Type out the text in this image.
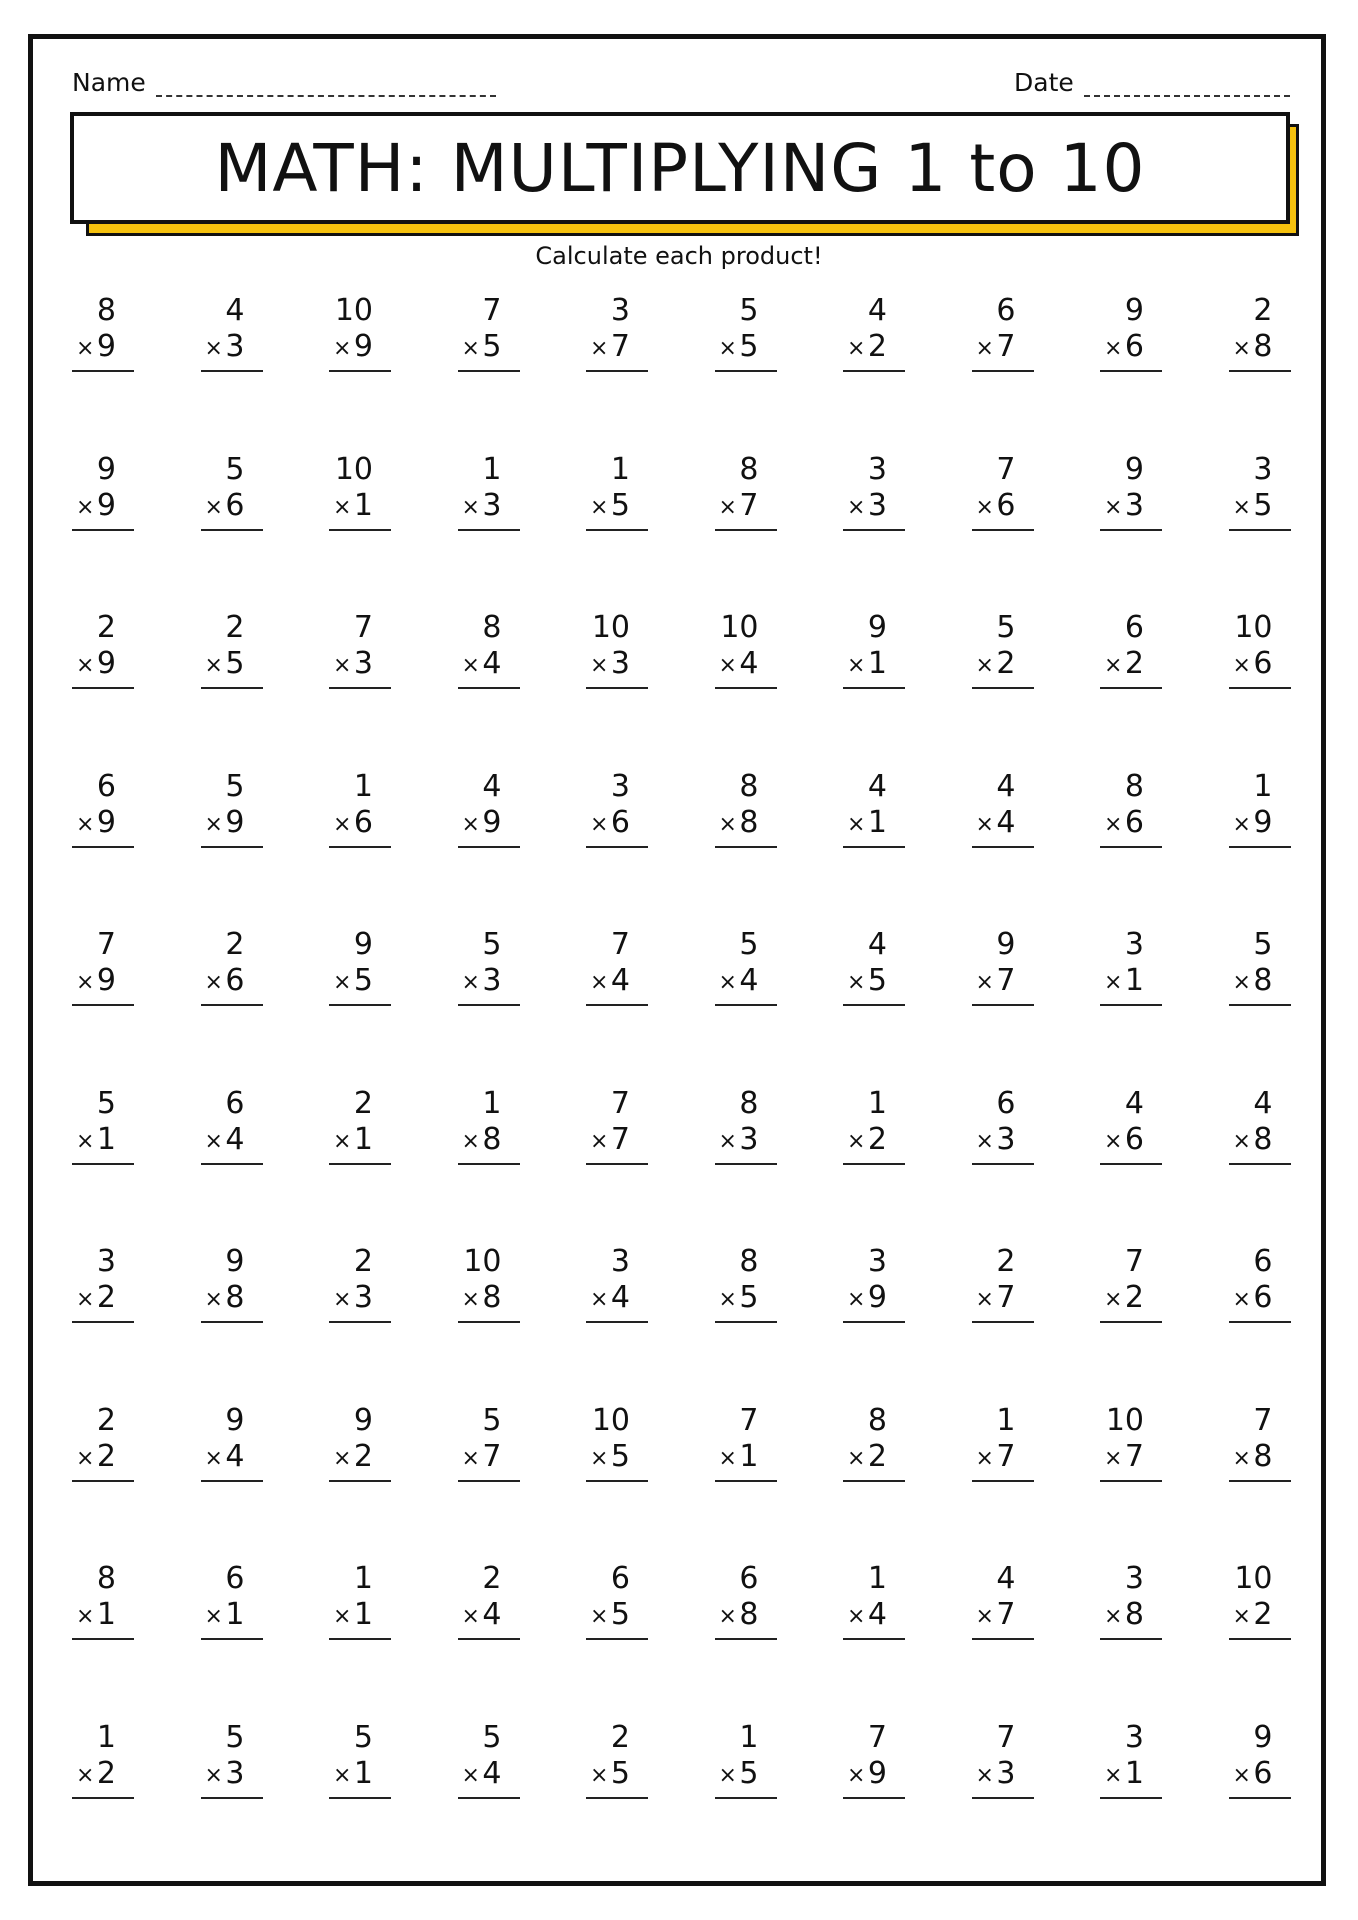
Name	Date
MATH: MULTIPLYING 1 to 10
Calculate each product!
8
× 9
4
× 3
10
× 9
7
× 5
3
× 7
5
× 5
4
× 2
6
× 7
9
× 6
2
× 8
9
× 9
5
× 6
10
× 1
1
× 3
1
× 5
8
× 7
3
× 3
7
× 6
9
× 3
3
× 5
2
× 9
2
× 5
7
× 3
8
× 4
10
× 3
10
× 4
9
× 1
5
× 2
6
× 2
10
× 6
6
× 9
5
× 9
1
× 6
4
× 9
3
× 6
8
× 8
4
× 1
4
× 4
8
× 6
1
× 9
7
× 9
2
× 6
9
× 5
5
× 3
7
× 4
5
× 4
4
× 5
9
× 7
3
× 1
5
× 8
5
× 1
6
× 4
2
× 1
1
× 8
7
× 7
8
× 3
1
× 2
6
× 3
4
× 6
4
× 8
3
× 2
9
× 8
2
× 3
10
× 8
3
× 4
8
× 5
3
× 9
2
× 7
7
× 2
6
× 6
2
× 2
9
× 4
9
× 2
5
× 7
10
× 5
7
× 1
8
× 2
1
× 7
10
× 7
7
× 8
8
× 1
6
× 1
1
× 1
2
× 4
6
× 5
6
× 8
1
× 4
4
× 7
3
× 8
10
× 2
1
× 2
5
× 3
5
× 1
5
× 4
2
× 5
1
× 5
7
× 9
7
× 3
3
× 1
9
× 6
